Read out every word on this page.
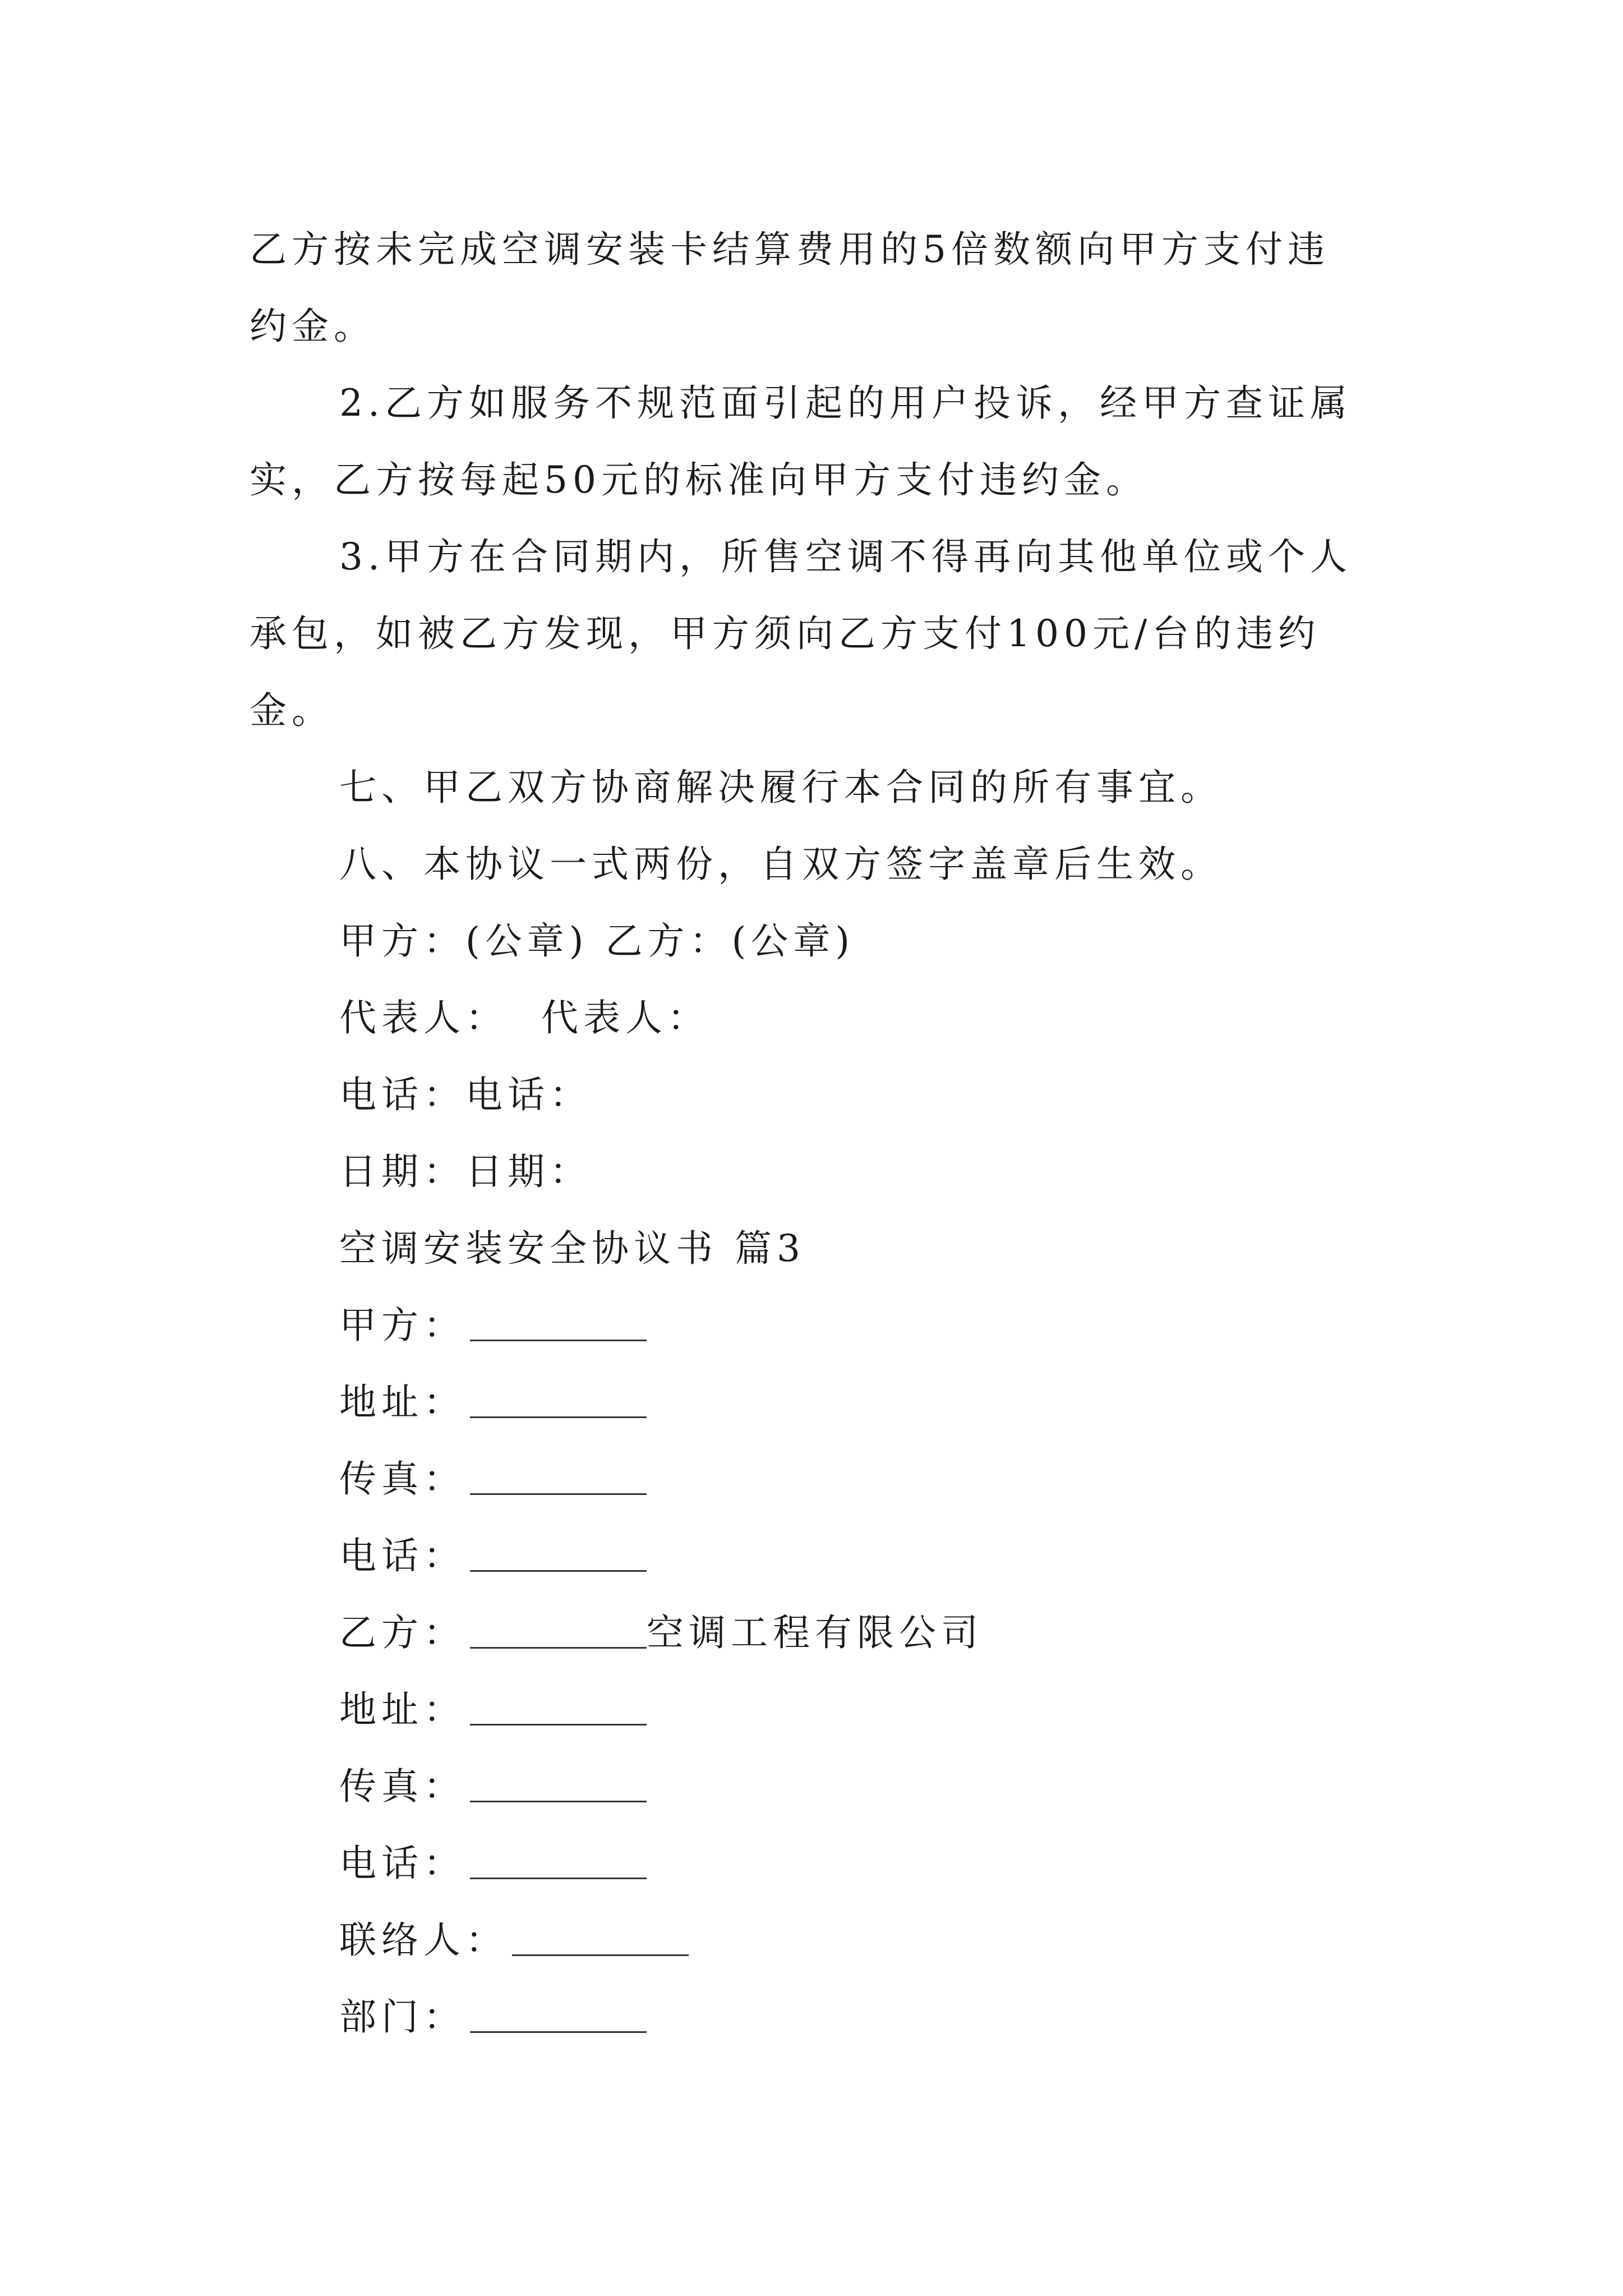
乙方按未完成空调安装卡结算费用的5倍数额向甲方支付违
约金。
2.乙方如服务不规范面引起的用户投诉，经甲方查证属
实，乙方按每起50元的标准向甲方支付违约金。
3.甲方在合同期内，所售空调不得再向其他单位或个人
承包，如被乙方发现，甲方须向乙方支付100元/台的违约
金。
七、甲乙双方协商解决履行本合同的所有事宜。
八、本协议一式两份，自双方签字盖章后生效。
甲方：(公章) 乙方：(公章)
代表人：  代表人：
电话：电话：
日期：日期：
空调安装安全协议书 篇3
甲方：
地址：
传真：
电话：
乙方：	空调工程有限公司
地址：
传真：
电话：
联络人：
部门：
